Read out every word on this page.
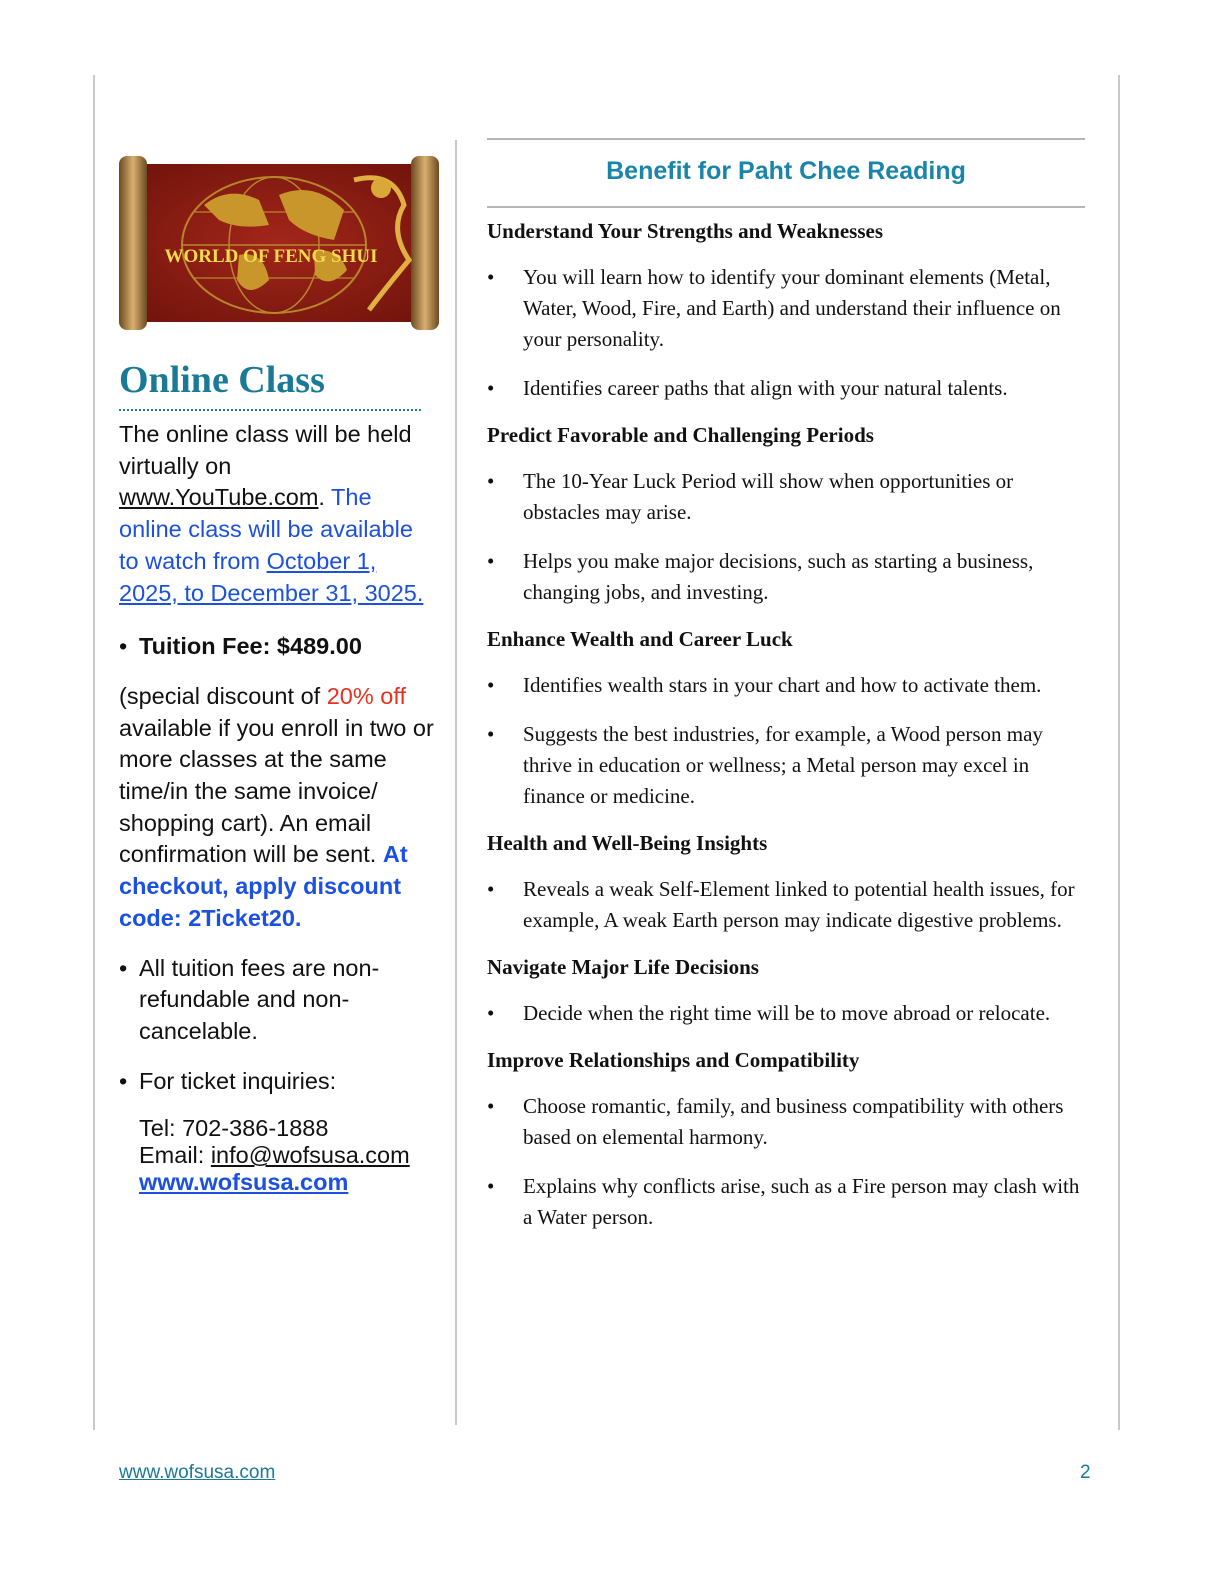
WORLD OF FENG SHUI
Online Class

The online class will be held virtually on www.YouTube.com. The online class will be available to watch from October 1, 2025, to December 31, 3025.

• Tuition Fee: $489.00

(special discount of 20% off available if you enroll in two or more classes at the same time/in the same invoice/ shopping cart). An email confirmation will be sent. At checkout, apply discount code: 2Ticket20.

• All tuition fees are non-refundable and non-cancelable.
• For ticket inquiries:
Tel: 702-386-1888
Email: info@wofsusa.com
www.wofsusa.com
Benefit for Paht Chee Reading
Understand Your Strengths and Weaknesses
•	You will learn how to identify your dominant elements (Metal, Water, Wood, Fire, and Earth) and understand their influence on your personality.
•	Identifies career paths that align with your natural talents.
Predict Favorable and Challenging Periods
•	The 10-Year Luck Period will show when opportunities or obstacles may arise.
•	Helps you make major decisions, such as starting a business, changing jobs, and investing.
Enhance Wealth and Career Luck
•	Identifies wealth stars in your chart and how to activate them.
•	Suggests the best industries, for example, a Wood person may thrive in education or wellness; a Metal person may excel in finance or medicine.
Health and Well-Being Insights
•	Reveals a weak Self-Element linked to potential health issues, for example, A weak Earth person may indicate digestive problems.
Navigate Major Life Decisions
•	Decide when the right time will be to move abroad or relocate.
Improve Relationships and Compatibility
•	Choose romantic, family, and business compatibility with others based on elemental harmony.
•	Explains why conflicts arise, such as a Fire person may clash with a Water person.
www.wofsusa.com	2
